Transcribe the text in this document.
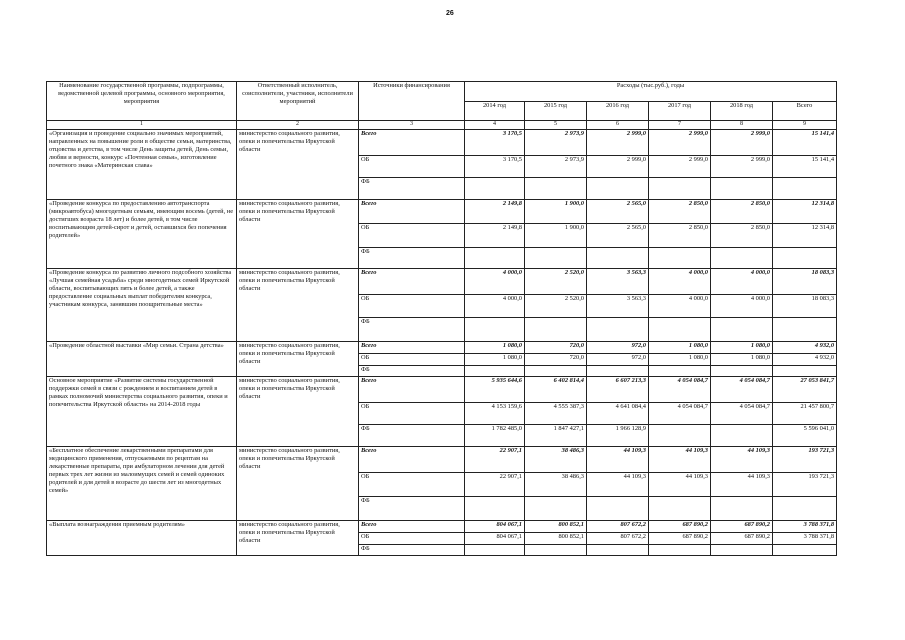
26
Наименование государственной программы, подпрограммы, ведомственной целевой программы, основного мероприятия, мероприятия	Ответственный исполнитель, соисполнители, участники, исполнители мероприятий	Источники финансирования	Расходы (тыс.руб.), годы					
			2014 год	2015 год	2016 год	2017 год	2018 год	Всего
1	2	3	4	5	6	7	8	9
«Организация и проведение социально значимых мероприятий, направленных на повышение роли в обществе семьи, материнства, отцовства и детства, в том числе День защиты детей, День семьи, любви и верности, конкурс «Почтенная семья», изготовление почетного знака «Материнская слава»	министерство социального развития, опеки и попечительства Иркутской области	Всего	3 170,5	2 973,9	2 999,0	2 999,0	2 999,0	15 141,4
		ОБ	3 170,5	2 973,9	2 999,0	2 999,0	2 999,0	15 141,4
		ФБ						
«Проведение конкурса по предоставлению автотранспорта (микроавтобуса) многодетным семьям, имеющим восемь (детей, не достигших возраста 18 лет) и более детей, в том числе воспитывающим детей-сирот и детей, оставшихся без попечения родителей»	министерство социального развития, опеки и попечительства Иркутской области	Всего	2 149,8	1 900,0	2 565,0	2 850,0	2 850,0	12 314,8
		ОБ	2 149,8	1 900,0	2 565,0	2 850,0	2 850,0	12 314,8
		ФБ						
«Проведение конкурса по развитию личного подсобного хозяйства «Лучшая семейная усадьба» среди многодетных семей Иркутской области, воспитывающих пять и более детей, а также предоставление социальных выплат победителям конкурса, участникам конкурса, занявшим поощрительные места»	министерство социального развития, опеки и попечительства Иркутской области	Всего	4 000,0	2 520,0	3 563,3	4 000,0	4 000,0	18 083,3
		ОБ	4 000,0	2 520,0	3 563,3	4 000,0	4 000,0	18 083,3
		ФБ						
«Проведение областной выставки «Мир семьи. Страна детства»	министерство социального развития, опеки и попечительства Иркутской области	Всего	1 080,0	720,0	972,0	1 080,0	1 080,0	4 932,0
		ОБ	1 080,0	720,0	972,0	1 080,0	1 080,0	4 932,0
		ФБ						
Основное мероприятие «Развитие системы государственной поддержки семей в связи с рождением и воспитанием детей в рамках полномочий министерства социального развития, опеки и попечительства Иркутской области» на 2014-2018 годы	министерство социального развития, опеки и попечительства Иркутской области	Всего	5 935 644,6	6 402 814,4	6 607 213,3	4 054 084,7	4 054 084,7	27 053 841,7
		ОБ	4 153 159,6	4 555 387,3	4 641 084,4	4 054 084,7	4 054 084,7	21 457 800,7
		ФБ	1 782 485,0	1 847 427,1	1 966 128,9			5 596 041,0
«Бесплатное обеспечение лекарственными препаратами для медицинского применения, отпускаемыми по рецептам на лекарственные препараты, при амбулаторном лечении для детей первых трех лет жизни из малоимущих семей и семей одиноких родителей и для детей в возрасте до шести лет из многодетных семей»	министерство социального развития, опеки и попечительства Иркутской области	Всего	22 907,1	38 486,3	44 109,3	44 109,3	44 109,3	193 721,3
		ОБ	22 907,1	38 486,3	44 109,3	44 109,3	44 109,3	193 721,3
		ФБ						
«Выплата вознаграждения приемным родителям»	министерство социального развития, опеки и попечительства Иркутской области	Всего	804 067,1	800 852,1	807 672,2	687 890,2	687 890,2	3 788 371,8
		ОБ	804 067,1	800 852,1	807 672,2	687 890,2	687 890,2	3 788 371,8
		ФБ						
